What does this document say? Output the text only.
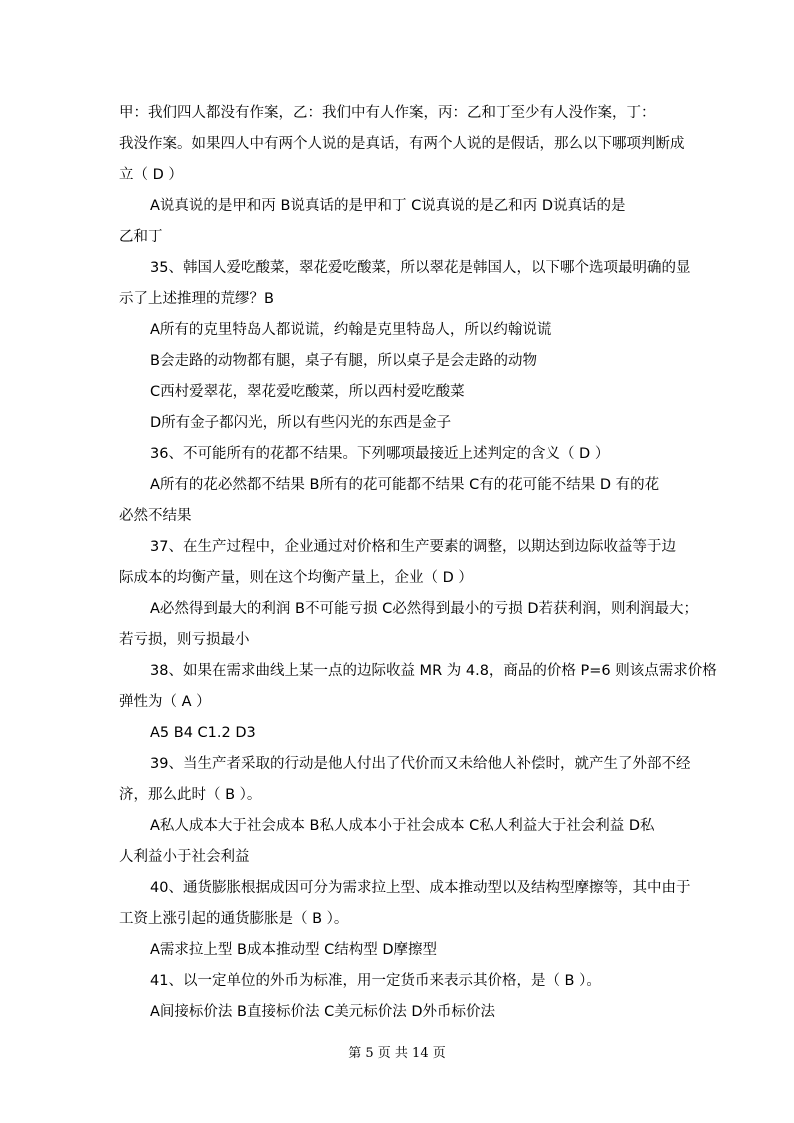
甲：我们四人都没有作案，乙：我们中有人作案，丙：乙和丁至少有人没作案，丁：
我没作案。如果四人中有两个人说的是真话，有两个人说的是假话，那么以下哪项判断成
立（ D ）
A说真说的是甲和丙 B说真话的是甲和丁 C说真说的是乙和丙 D说真话的是
乙和丁
35、韩国人爱吃酸菜，翠花爱吃酸菜，所以翠花是韩国人，以下哪个选项最明确的显
示了上述推理的荒缪？B
A所有的克里特岛人都说谎，约翰是克里特岛人，所以约翰说谎
B会走路的动物都有腿，桌子有腿，所以桌子是会走路的动物
C西村爱翠花，翠花爱吃酸菜，所以西村爱吃酸菜
D所有金子都闪光，所以有些闪光的东西是金子
36、不可能所有的花都不结果。下列哪项最接近上述判定的含义（ D ）
A所有的花必然都不结果 B所有的花可能都不结果 C有的花可能不结果 D 有的花
必然不结果
37、在生产过程中，企业通过对价格和生产要素的调整，以期达到边际收益等于边
际成本的均衡产量，则在这个均衡产量上，企业（ D ）
A必然得到最大的利润 B不可能亏损 C必然得到最小的亏损 D若获利润，则利润最大；
若亏损，则亏损最小
38、如果在需求曲线上某一点的边际收益 MR 为 4.8，商品的价格 P=6 则该点需求价格
弹性为（ A ）
A5 B4 C1.2 D3
39、当生产者采取的行动是他人付出了代价而又未给他人补偿时，就产生了外部不经
济，那么此时（ B ）。
A私人成本大于社会成本 B私人成本小于社会成本 C私人利益大于社会利益 D私
人利益小于社会利益
40、通货膨胀根据成因可分为需求拉上型、成本推动型以及结构型摩擦等，其中由于
工资上涨引起的通货膨胀是（ B ）。
A需求拉上型 B成本推动型 C结构型 D摩擦型
41、以一定单位的外币为标准，用一定货币来表示其价格，是（ B ）。
A间接标价法 B直接标价法 C美元标价法 D外币标价法
第 5 页 共 14 页
